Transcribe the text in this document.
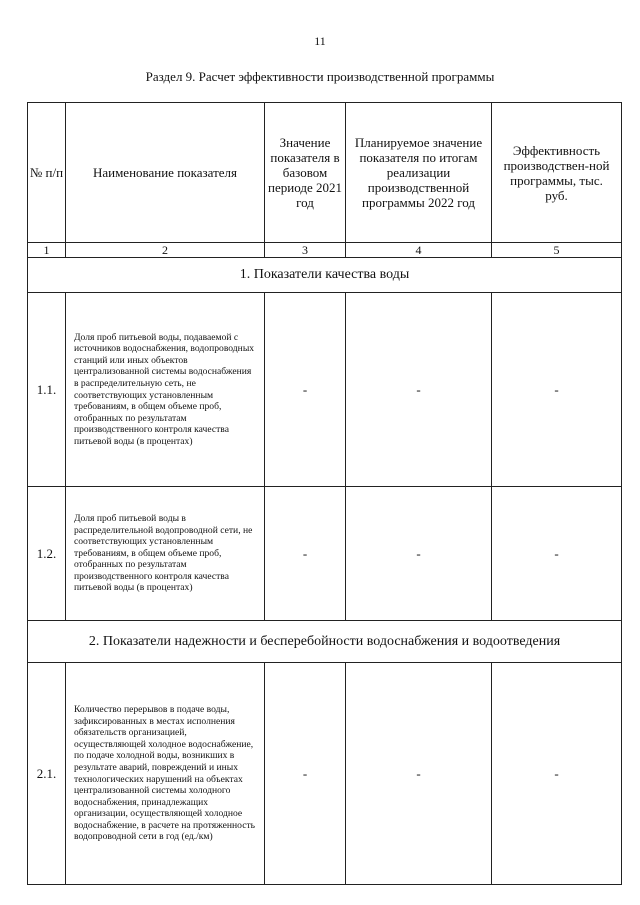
11
Раздел 9. Расчет эффективности производственной программы
№ п/п	Наименование показателя	Значение показателя в базовом периоде 2021 год	Планируемое значение показателя по итогам реализации производственной программы 2022 год	Эффективность производствен-ной программы, тыс. руб.
1	2	3	4	5
1. Показатели качества воды				
1.1.	Доля проб питьевой воды, подаваемой с источников водоснабжения, водопроводных станций или иных объектов централизованной системы водоснабжения в распределительную сеть, не соответствующих установленным требованиям, в общем объеме проб, отобранных по результатам производственного контроля качества питьевой воды (в процентах)	-	-	-
1.2.	Доля проб питьевой воды в распределительной водопроводной сети, не соответствующих установленным требованиям, в общем объеме проб, отобранных по результатам производственного контроля качества питьевой воды (в процентах)	-	-	-
2. Показатели надежности и бесперебойности водоснабжения и водоотведения				
2.1.	Количество перерывов в подаче воды, зафиксированных в местах исполнения обязательств организацией, осуществляющей холодное водоснабжение, по подаче холодной воды, возникших в результате аварий, повреждений и иных технологических нарушений на объектах централизованной системы холодного водоснабжения, принадлежащих организации, осуществляющей холодное водоснабжение, в расчете на протяженность водопроводной сети в год (ед./км)	-	-	-
